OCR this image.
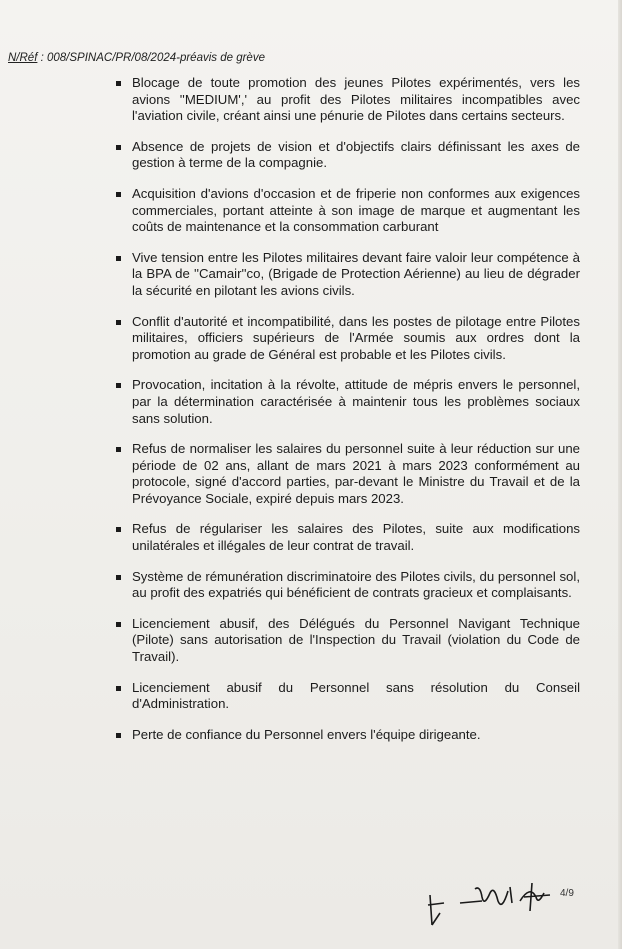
N/Réf : 008/SPINAC/PR/08/2024-préavis de grève
Blocage de toute promotion des jeunes Pilotes expérimentés, vers les avions ''MEDIUM',' au profit des Pilotes militaires incompatibles avec l'aviation civile, créant ainsi une pénurie de Pilotes dans certains secteurs.
Absence de projets de vision et d'objectifs clairs définissant les axes de gestion à terme de la compagnie.
Acquisition d'avions d'occasion et de friperie non conformes aux exigences commerciales, portant atteinte à son image de marque et augmentant les coûts de maintenance et la consommation carburant
Vive tension entre les Pilotes militaires devant faire valoir leur compétence à la BPA de ''Camair''co, (Brigade de Protection Aérienne) au lieu de dégrader la sécurité en pilotant les avions civils.
Conflit d'autorité et incompatibilité, dans les postes de pilotage entre Pilotes militaires, officiers supérieurs de l'Armée soumis aux ordres dont la promotion au grade de Général est probable et les Pilotes civils.
Provocation, incitation à la révolte, attitude de mépris envers le personnel, par la détermination caractérisée à maintenir tous les problèmes sociaux sans solution.
Refus de normaliser les salaires du personnel suite à leur réduction sur une période de 02 ans, allant de mars 2021 à mars 2023 conformément au protocole, signé d'accord parties, par-devant le Ministre du Travail et de la Prévoyance Sociale, expiré depuis mars 2023.
Refus de régulariser les salaires des Pilotes, suite aux modifications unilatérales et illégales de leur contrat de travail.
Système de rémunération discriminatoire des Pilotes civils, du personnel sol, au profit des expatriés qui bénéficient de contrats gracieux et complaisants.
Licenciement abusif, des Délégués du Personnel Navigant Technique (Pilote) sans autorisation de l'Inspection du Travail (violation du Code de Travail).
Licenciement abusif du Personnel sans résolution du Conseil d'Administration.
Perte de confiance du Personnel envers l'équipe dirigeante.
4/9
